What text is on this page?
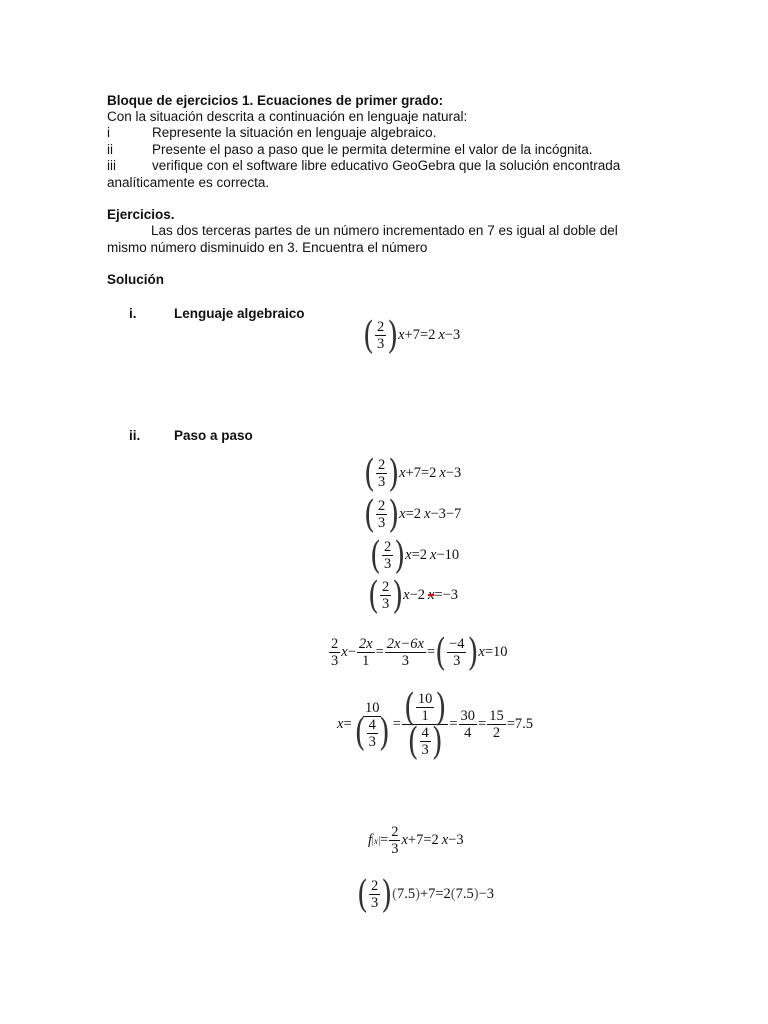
Bloque de ejercicios 1. Ecuaciones de primer grado:
Con la situación descrita a continuación en lenguaje natural:
i	Represente la situación en lenguaje algebraico.
ii	Presente el paso a paso que le permita determine el valor de la incógnita.
iii	verifique con el software libre educativo GeoGebra que la solución encontrada
analíticamente es correcta.
Ejercicios.
Las dos terceras partes de un número incrementado en 7 es igual al doble del
mismo número disminuido en 3. Encuentra el número
Solución
i.	Lenguaje algebraico ( $\frac{2}{3}$ ) x +7=2 x −3
ii. Paso a paso
( $\frac{2}{3}$ ) x +7=2 x −3
( $\frac{2}{3}$ ) x =2 x −3−7
( $\frac{2}{3}$ ) x =2 x −10
( $\frac{2}{3}$ ) x −2 x =−3
$\frac{2}{3}$ $x - \frac{2x}{1} = \frac{2x-6x}{3}$ = ( $\frac{-4}{3}$ ) x =10
$x = \frac{10}{( \frac{4}{3} )} = \frac{( \frac{10}{1} )}{( \frac{4}{3} )} = \frac{30}{4} = \frac{15}{2} =7.5$
f $x = \frac{2}{3}$ x +7=2 x −3
( $\frac{2}{3}$ ) ( 7.5 ) +7=2 ( 7.5 ) −3
